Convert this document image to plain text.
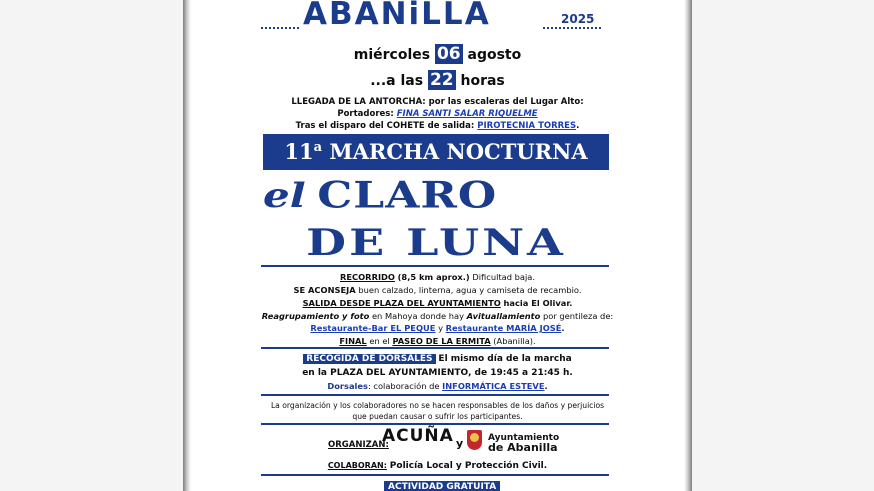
ABANiLLA	2025
miércoles 06 agosto
...a las 22 horas
LLEGADA DE LA ANTORCHA: por las escaleras del Lugar Alto:
Portadores: FINA SANTI SALAR RIQUELME
Tras el disparo del COHETE de salida: PIROTECNIA TORRES.
11$^a$ MARCHA NOCTURNA
el CLARO
DE LUNA
RECORRIDO (8,5 km aprox.) Dificultad baja.
SE ACONSEJA buen calzado, linterna, agua y camiseta de recambio.
SALIDA DESDE PLAZA DEL AYUNTAMIENTO hacia El Olivar.
Reagrupamiento y foto en Mahoya donde hay Avituallamiento por gentileza de:
Restaurante-Bar EL PEQUE y Restaurante MARÍA JOSÉ.
FINAL en el PASEO DE LA ERMITA (Abanilla).
RECOGIDA DE DORSALES El mismo día de la marcha
en la PLAZA DEL AYUNTAMIENTO, de 19:45 a 21:45 h.
Dorsales: colaboración de INFORMÁTICA ESTEVE.
La organización y los colaboradores no se hacen responsables de los daños y perjuicios
que puedan causar o sufrir los participantes.
ORGANIZAN:
ACUÑA y	Ayuntamiento
de Abanilla
COLABORAN: Policía Local y Protección Civil.
ACTIVIDAD GRATUITA
